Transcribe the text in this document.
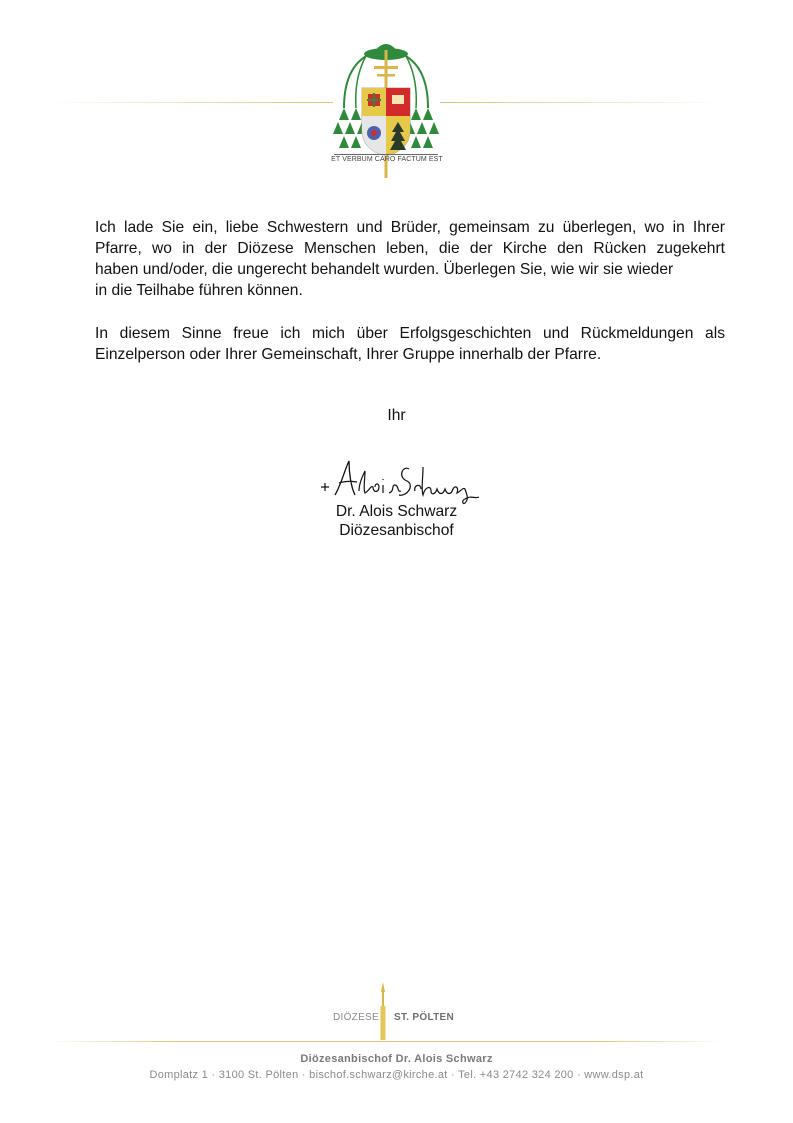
ET VERBUM CARO FACTUM EST
Ich lade Sie ein, liebe Schwestern und Brüder, gemeinsam zu überlegen, wo in Ihrer
Pfarre, wo in der Diözese Menschen leben, die der Kirche den Rücken zugekehrt
haben und/oder, die ungerecht behandelt wurden. Überlegen Sie, wie wir sie wieder
in die Teilhabe führen können.
In diesem Sinne freue ich mich über Erfolgsgeschichten und Rückmeldungen als
Einzelperson oder Ihrer Gemeinschaft, Ihrer Gruppe innerhalb der Pfarre.
Ihr
Dr. Alois Schwarz
Diözesanbischof
DIÖZESE ST. PÖLTEN
Diözesanbischof Dr. Alois Schwarz
Domplatz 1 · 3100 St. Pölten · bischof.schwarz@kirche.at · Tel. +43 2742 324 200 · www.dsp.at
